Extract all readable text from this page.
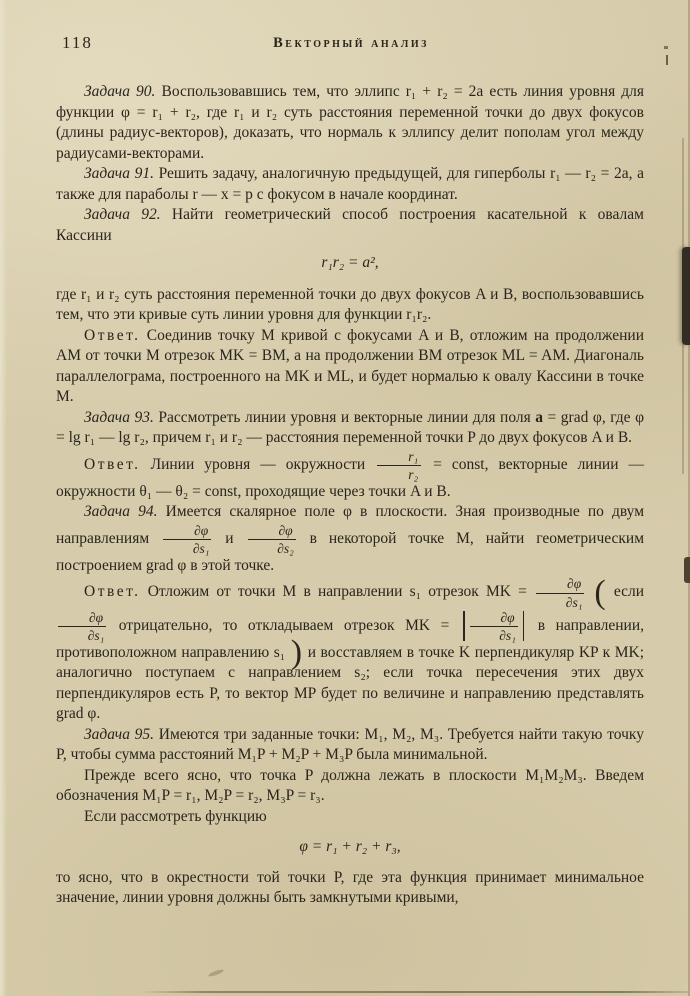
118	Векторный анализ

Задача 90. Воспользовавшись тем, что эллипс r₁ + r₂ = 2a есть линия уровня для функции φ = r₁ + r₂, где r₁ и r₂ суть расстояния переменной точки до двух фокусов (длины радиус-векторов), доказать, что нормаль к эллипсу делит пополам угол между радиусами-векторами.

Задача 91. Решить задачу, аналогичную предыдущей, для гиперболы r₁ — r₂ = 2a, а также для параболы r — x = p с фокусом в начале координат.

Задача 92. Найти геометрический способ построения касательной к овалам Кассини

r₁r₂ = a²,

где r₁ и r₂ суть расстояния переменной точки до двух фокусов A и B, воспользовавшись тем, что эти кривые суть линии уровня для функции r₁r₂.

Ответ. Соединив точку M кривой с фокусами A и B, отложим на продолжении AM от точки M отрезок MK = BM, а на продолжении BM отрезок ML = AM. Диагональ параллелограма, построенного на MK и ML, и будет нормалью к овалу Кассини в точке M.

Задача 93. Рассмотреть линии уровня и векторные линии для поля a = grad φ, где φ = lg r₁ — lg r₂, причем r₁ и r₂ — расстояния переменной точки P до двух фокусов A и B.

Ответ. Линии уровня — окружности $\frac{\text{r₁}}{\text{r₂}}$ = const, векторные линии — окружности θ₁ — θ₂ = const, проходящие через точки A и B.

Задача 94. Имеется скалярное поле φ в плоскости. Зная производные по двум направлениям $\frac{\partial\varphi}{\text{∂s₁}}$ и $\frac{\partial\varphi}{\text{∂s₂}}$ в некоторой точке M, найти геометрическим построением grad φ в этой точке.

Ответ. Отложим от точки M в направлении s₁ отрезок MK = $\frac{\partial\varphi}{\text{∂s₁}}$ ( если
$\frac{\partial\varphi}{\text{∂s₁}}$ отрицательно, то откладываем отрезок MK = $\frac{\partial\varphi}{\text{∂s₁}}$ в направлении, противоположном направлению s₁ ) и восставляем в точке K перпендикуляр KP к MK; аналогично поступаем с направлением s₂; если точка пересечения этих двух перпендикуляров есть P, то вектор MP будет по величине и направлению представлять grad φ.

Задача 95. Имеются три заданные точки: M₁, M₂, M₃. Требуется найти такую точку P, чтобы сумма расстояний M₁P + M₂P + M₃P была минимальной.

Прежде всего ясно, что точка P должна лежать в плоскости M₁M₂M₃. Введем обозначения M₁P = r₁, M₂P = r₂, M₃P = r₃.

Если рассмотреть функцию

φ = r₁ + r₂ + r₃,

то ясно, что в окрестности той точки P, где эта функция принимает минимальное значение, линии уровня должны быть замкнутыми кривыми,
